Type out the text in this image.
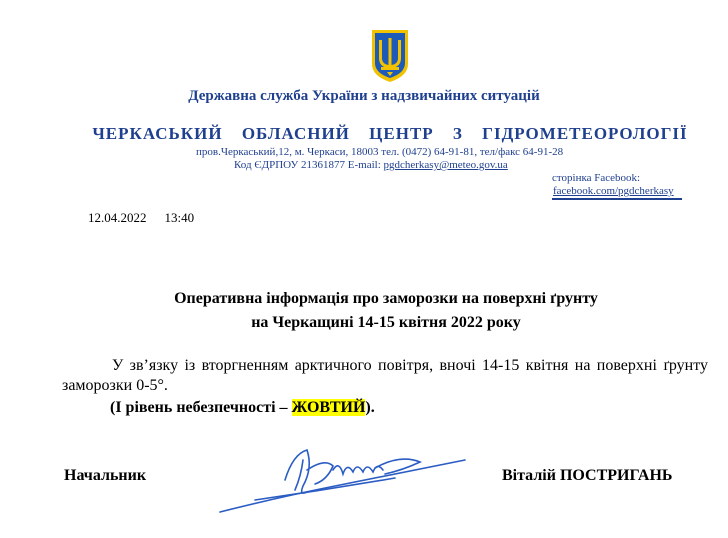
Державна служба України з надзвичайних ситуацій
ЧЕРКАСЬКИЙ ОБЛАСНИЙ ЦЕНТР З ГІДРОМЕТЕОРОЛОГІЇ
пров.Черкаський,12, м. Черкаси, 18003 тел. (0472) 64-91-81, тел/факс 64-91-28
Код ЄДРПОУ 21361877 E-mail: pgdcherkasy@meteo.gov.ua
сторінка Facebook:
facebook.com/pgdcherkasy
12.04.2022 13:40
Оперативна інформація про заморозки на поверхні ґрунту
на Черкащині 14-15 квітня 2022 року
У зв’язку із вторгненням арктичного повітря, вночі 14-15 квітня на поверхні ґрунту заморозки 0-5°.
(І рівень небезпечності – ЖОВТИЙ).
Начальник	Віталій ПОСТРИГАНЬ
